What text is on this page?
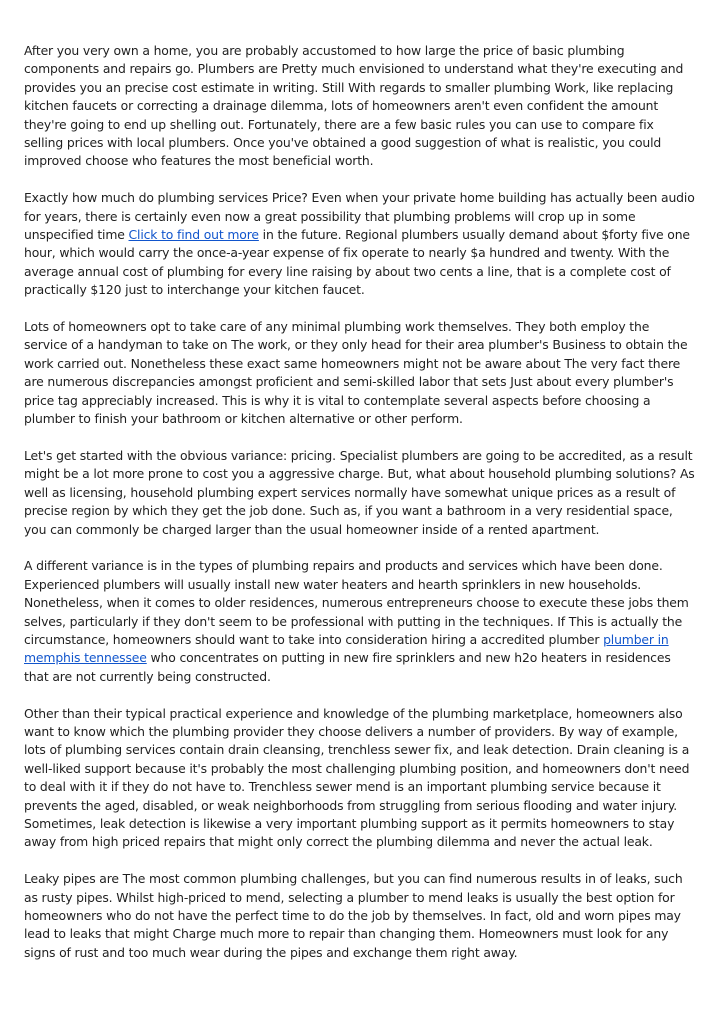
After you very own a home, you are probably accustomed to how large the price of basic plumbing components and repairs go. Plumbers are Pretty much envisioned to understand what they're executing and provides you an precise cost estimate in writing. Still With regards to smaller plumbing Work, like replacing kitchen faucets or correcting a drainage dilemma, lots of homeowners aren't even confident the amount they're going to end up shelling out. Fortunately, there are a few basic rules you can use to compare fix selling prices with local plumbers. Once you've obtained a good suggestion of what is realistic, you could improved choose who features the most beneficial worth.

Exactly how much do plumbing services Price? Even when your private home building has actually been audio for years, there is certainly even now a great possibility that plumbing problems will crop up in some unspecified time Click to find out more in the future. Regional plumbers usually demand about $forty five one hour, which would carry the once-a-year expense of fix operate to nearly $a hundred and twenty. With the average annual cost of plumbing for every line raising by about two cents a line, that is a complete cost of practically $120 just to interchange your kitchen faucet.

Lots of homeowners opt to take care of any minimal plumbing work themselves. They both employ the service of a handyman to take on The work, or they only head for their area plumber's Business to obtain the work carried out. Nonetheless these exact same homeowners might not be aware about The very fact there are numerous discrepancies amongst proficient and semi-skilled labor that sets Just about every plumber's price tag appreciably increased. This is why it is vital to contemplate several aspects before choosing a plumber to finish your bathroom or kitchen alternative or other perform.

Let's get started with the obvious variance: pricing. Specialist plumbers are going to be accredited, as a result might be a lot more prone to cost you a aggressive charge. But, what about household plumbing solutions? As well as licensing, household plumbing expert services normally have somewhat unique prices as a result of precise region by which they get the job done. Such as, if you want a bathroom in a very residential space, you can commonly be charged larger than the usual homeowner inside of a rented apartment.

A different variance is in the types of plumbing repairs and products and services which have been done. Experienced plumbers will usually install new water heaters and hearth sprinklers in new households. Nonetheless, when it comes to older residences, numerous entrepreneurs choose to execute these jobs them selves, particularly if they don't seem to be professional with putting in the techniques. If This is actually the circumstance, homeowners should want to take into consideration hiring a accredited plumber plumber in memphis tennessee who concentrates on putting in new fire sprinklers and new h2o heaters in residences that are not currently being constructed.

Other than their typical practical experience and knowledge of the plumbing marketplace, homeowners also want to know which the plumbing provider they choose delivers a number of providers. By way of example, lots of plumbing services contain drain cleansing, trenchless sewer fix, and leak detection. Drain cleaning is a well-liked support because it's probably the most challenging plumbing position, and homeowners don't need to deal with it if they do not have to. Trenchless sewer mend is an important plumbing service because it prevents the aged, disabled, or weak neighborhoods from struggling from serious flooding and water injury. Sometimes, leak detection is likewise a very important plumbing support as it permits homeowners to stay away from high priced repairs that might only correct the plumbing dilemma and never the actual leak.

Leaky pipes are The most common plumbing challenges, but you can find numerous results in of leaks, such as rusty pipes. Whilst high-priced to mend, selecting a plumber to mend leaks is usually the best option for homeowners who do not have the perfect time to do the job by themselves. In fact, old and worn pipes may lead to leaks that might Charge much more to repair than changing them. Homeowners must look for any signs of rust and too much wear during the pipes and exchange them right away.
